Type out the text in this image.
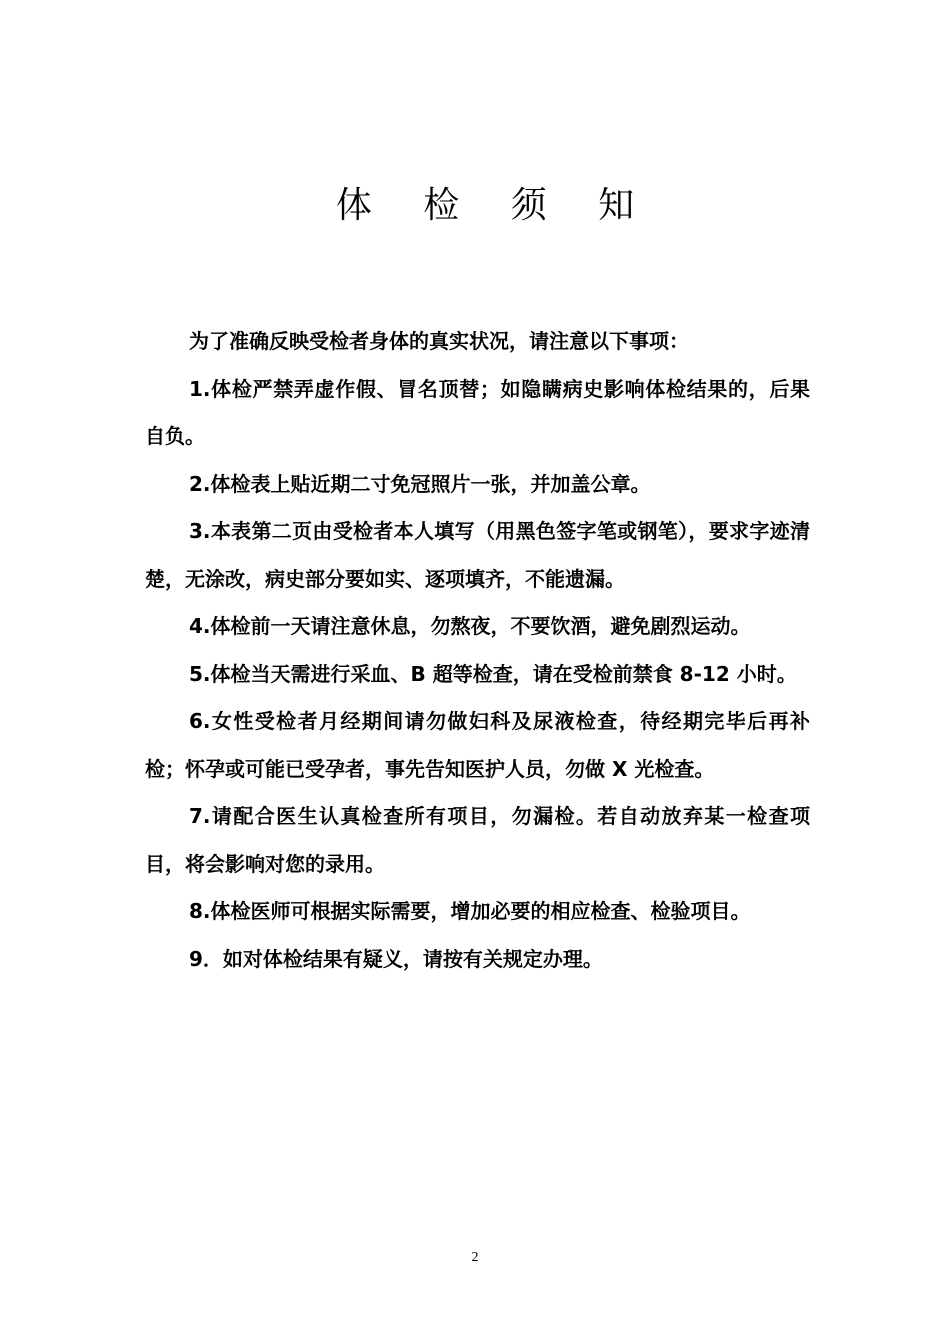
体 检 须 知

为了准确反映受检者身体的真实状况，请注意以下事项：

1.体检严禁弄虚作假、冒名顶替；如隐瞒病史影响体检结果的，后果自负。

2.体检表上贴近期二寸免冠照片一张，并加盖公章。

3.本表第二页由受检者本人填写（用黑色签字笔或钢笔），要求字迹清楚，无涂改，病史部分要如实、逐项填齐，不能遗漏。

4.体检前一天请注意休息，勿熬夜，不要饮酒，避免剧烈运动。

5.体检当天需进行采血、B 超等检查，请在受检前禁食 8-12 小时。

6.女性受检者月经期间请勿做妇科及尿液检查，待经期完毕后再补检；怀孕或可能已受孕者，事先告知医护人员，勿做 X 光检查。

7.请配合医生认真检查所有项目，勿漏检。若自动放弃某一检查项目，将会影响对您的录用。

8.体检医师可根据实际需要，增加必要的相应检查、检验项目。

9．如对体检结果有疑义，请按有关规定办理。

2
